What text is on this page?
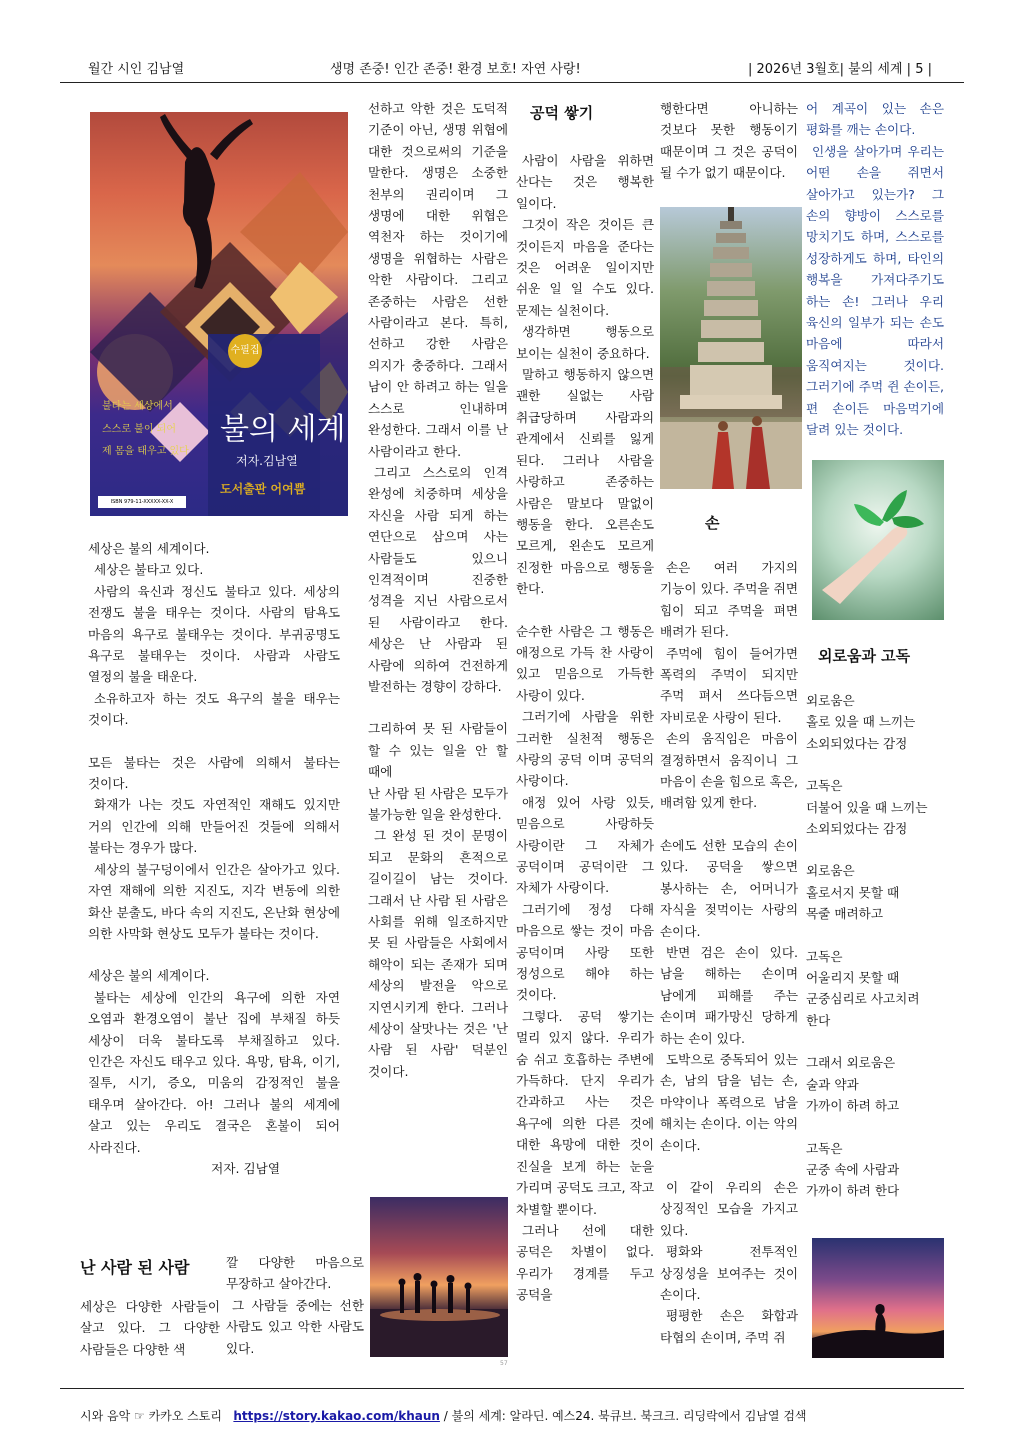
월간 시인 김남열	생명 존중! 인간 존중! 환경 보호! 자연 사랑!	| 2026년 3월호| 불의 세계 | 5 |
수필집
불타는 세상에서
스스로 불이 되어
제 몸을 태우고 있다
불의 세계
저자.김남열
도서출판 어여쁨
ISBN 979-11-XXXXX-XX-X

세상은 불의 세계이다.

세상은 불타고 있다.

사람의 육신과 정신도 불타고 있다. 세상의 전쟁도 불을 태우는 것이다. 사람의 탐욕도 마음의 욕구로 불태우는 것이다. 부귀공명도 욕구로 불태우는 것이다. 사람과 사람도 열정의 불을 태운다.

소유하고자 하는 것도 욕구의 불을 태우는 것이다.

모든 불타는 것은 사람에 의해서 불타는 것이다.

화재가 나는 것도 자연적인 재해도 있지만 거의 인간에 의해 만들어진 것들에 의해서 불타는 경우가 많다.

세상의 불구덩이에서 인간은 살아가고 있다. 자연 재해에 의한 지진도, 지각 변동에 의한 화산 분출도, 바다 속의 지진도, 온난화 현상에 의한 사막화 현상도 모두가 불타는 것이다.

세상은 불의 세계이다.

불타는 세상에 인간의 욕구에 의한 자연 오염과 환경오염이 불난 집에 부채질 하듯 세상이 더욱 불타도록 부채질하고 있다. 인간은 자신도 태우고 있다. 욕망, 탐욕, 이기, 질투, 시기, 증오, 미움의 감정적인 불을 태우며 살아간다. 아! 그러나 불의 세계에 살고 있는 우리도 결국은 혼불이 되어 사라진다.

저자. 김남열

난 사람 된 사람
세상은 다양한 사람들이 살고 있다. 그 다양한 사람들은 다양한 색

깔 다양한 마음으로 무장하고 살아간다.

그 사람들 중에는 선한 사람도 있고 악한 사람도 있다.

선하고 악한 것은 도덕적 기준이 아닌, 생명 위협에 대한 것으로써의 기준을 말한다. 생명은 소중한 천부의 권리이며 그 생명에 대한 위협은 역천자 하는 것이기에 생명을 위협하는 사람은 악한 사람이다. 그리고 존중하는 사람은 선한 사람이라고 본다. 특히, 선하고 강한 사람은 의지가 충중하다. 그래서 남이 안 하려고 하는 일을 스스로 인내하며 완성한다. 그래서 이를 난 사람이라고 한다.

그리고 스스로의 인격 완성에 치중하며 세상을 자신을 사람 되게 하는 연단으로 삼으며 사는 사람들도 있으니 인격적이며 진중한 성격을 지닌 사람으로서 된 사람이라고 한다. 세상은 난 사람과 된 사람에 의하여 건전하게 발전하는 경향이 강하다.

그리하여 못 된 사람들이 할 수 있는 일을 안 할 때에

난 사람 된 사람은 모두가 불가능한 일을 완성한다.

그 완성 된 것이 문명이 되고 문화의 흔적으로 길이길이 남는 것이다. 그래서 난 사람 된 사람은 사회를 위해 일조하지만 못 된 사람들은 사회에서 해악이 되는 존재가 되며 세상의 발전을 악으로 지연시키게 한다. 그러나 세상이 살맛나는 것은 '난 사람 된 사람' 덕분인 것이다.

57
공덕 쌓기

사람이 사람을 위하면 산다는 것은 행복한 일이다.

그것이 작은 것이든 큰 것이든지 마음을 준다는 것은 어려운 일이지만 쉬운 일 일 수도 있다. 문제는 실천이다.

생각하면 행동으로 보이는 실천이 중요하다.

말하고 행동하지 않으면 괜한 실없는 사람 취급당하며 사람과의 관계에서 신뢰를 잃게 된다. 그러나 사람을 사랑하고 존중하는 사람은 말보다 말없이 행동을 한다. 오른손도 모르게, 왼손도 모르게 진정한 마음으로 행동을 한다.

순수한 사람은 그 행동은 애정으로 가득 찬 사랑이 있고 믿음으로 가득한 사랑이 있다.

그러기에 사람을 위한 그러한 실천적 행동은 사랑의 공덕 이며 공덕의 사랑이다.

애정 있어 사랑 있듯, 믿음으로 사랑하듯 사랑이란 그 자체가 공덕이며 공덕이란 그 자체가 사랑이다.

그러기에 정성 다해 마음으로 쌓는 것이 마음 공덕이며 사랑 또한 정성으로 해야 하는 것이다.

그렇다. 공덕 쌓기는 멀리 있지 않다. 우리가 숨 쉬고 호흡하는 주변에 가득하다. 단지 우리가 간과하고 사는 것은 욕구에 의한 다른 것에 대한 욕망에 대한 것이 진실을 보게 하는 눈을 가리며 공덕도 크고, 작고 차별할 뿐이다.

그러나 선에 대한 공덕은 차별이 없다. 우리가 경계를 두고 공덕을

행한다면 아니하는 것보다 못한 행동이기 때문이며 그 것은 공덕이 될 수가 없기 때문이다.
손

손은 여러 가지의 기능이 있다. 주먹을 쥐면 힘이 되고 주먹을 펴면 배려가 된다.

주먹에 힘이 들어가면 폭력의 주먹이 되지만 주먹 펴서 쓰다듬으면 자비로운 사랑이 된다.

손의 움직임은 마음이 결정하면서 움직이니 그 마음이 손을 힘으로 혹은, 배려함 있게 한다.

손에도 선한 모습의 손이 있다. 공덕을 쌓으면 봉사하는 손, 어머니가 자식을 젖먹이는 사랑의 손이다.

반면 검은 손이 있다. 남을 해하는 손이며 남에게 피해를 주는 손이며 패가망신 당하게 하는 손이 있다.

도박으로 중독되어 있는 손, 남의 담을 넘는 손, 마약이나 폭력으로 남을 해치는 손이다. 이는 악의 손이다.

이 같이 우리의 손은 상징적인 모습을 가지고 있다.

평화와 전투적인 상징성을 보여주는 것이 손이다.

평평한 손은 화합과 타협의 손이며, 주먹 쥐

어 계곡이 있는 손은 평화를 깨는 손이다.

인생을 살아가며 우리는 어떤 손을 쥐면서 살아가고 있는가? 그 손의 향방이 스스로를 망치기도 하며, 스스로를 성장하게도 하며, 타인의 행복을 가져다주기도 하는 손! 그러나 우리 육신의 일부가 되는 손도 마음에 따라서 움직여지는 것이다. 그러기에 주먹 쥔 손이든, 편 손이든 마음먹기에 달려 있는 것이다.

외로움과 고독

외로움은

홀로 있을 때 느끼는

소외되었다는 감정

고독은

더불어 있을 때 느끼는

소외되었다는 감정

외로움은

홀로서지 못할 때

목줄 매려하고

고독은

어울리지 못할 때

군중심리로 사고치려 한다

그래서 외로움은

술과 약과

가까이 하려 하고

고독은

군중 속에 사람과

가까이 하려 한다

시와 음악 ☞ 카카오 스토리 https://story.kakao.com/khaun / 불의 세계: 알라딘. 예스24. 북큐브. 북크크. 리딩락에서 김남열 검색
